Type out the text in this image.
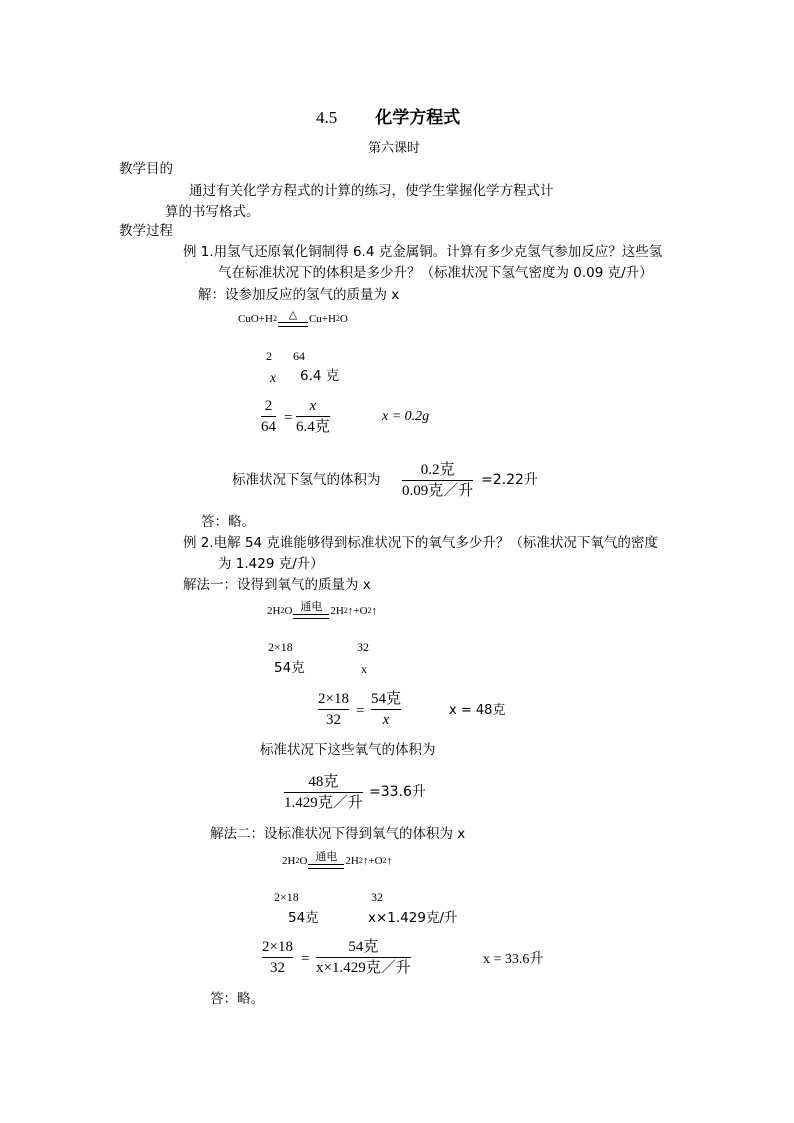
4.5 化学方程式
第六课时
教学目的
通过有关化学方程式的计算的练习，使学生掌握化学方程式计
算的书写格式。
教学过程
例 1.用氢气还原氧化铜制得 6.4 克金属铜。计算有多少克氢气参加反应？这些氢
气在标准状况下的体积是多少升？（标准状况下氢气密度为 0.09 克/升）
解：设参加反应的氢气的质量为 x
CuO+H 2 △ Cu+H 2 O
2 64
x 6.4 克
2
64
=
x
6.4克
x = 0.2g
标准状况下氢气的体积为
0.2克
0.09克／升
=2.22升
答：略。
例 2.电解 54 克谁能够得到标准状况下的氧气多少升？（标准状况下氧气的密度
为 1.429 克/升）
解法一：设得到氧气的质量为 x
2H 2 O 通电 2H 2 ↑+O 2 ↑
2×18	32
54克	x
2×18
32
=
54克
x
x = 48克
标准状况下这些氧气的体积为
48克
1.429克／升
=33.6升
解法二：设标准状况下得到氧气的体积为 x
2H 2 O 通电 2H 2 ↑+O 2 ↑
2×18	32
54克	x×1.429克/升
2×18
32
=
54克
x×1.429克／升
x = 33.6升
答：略。
